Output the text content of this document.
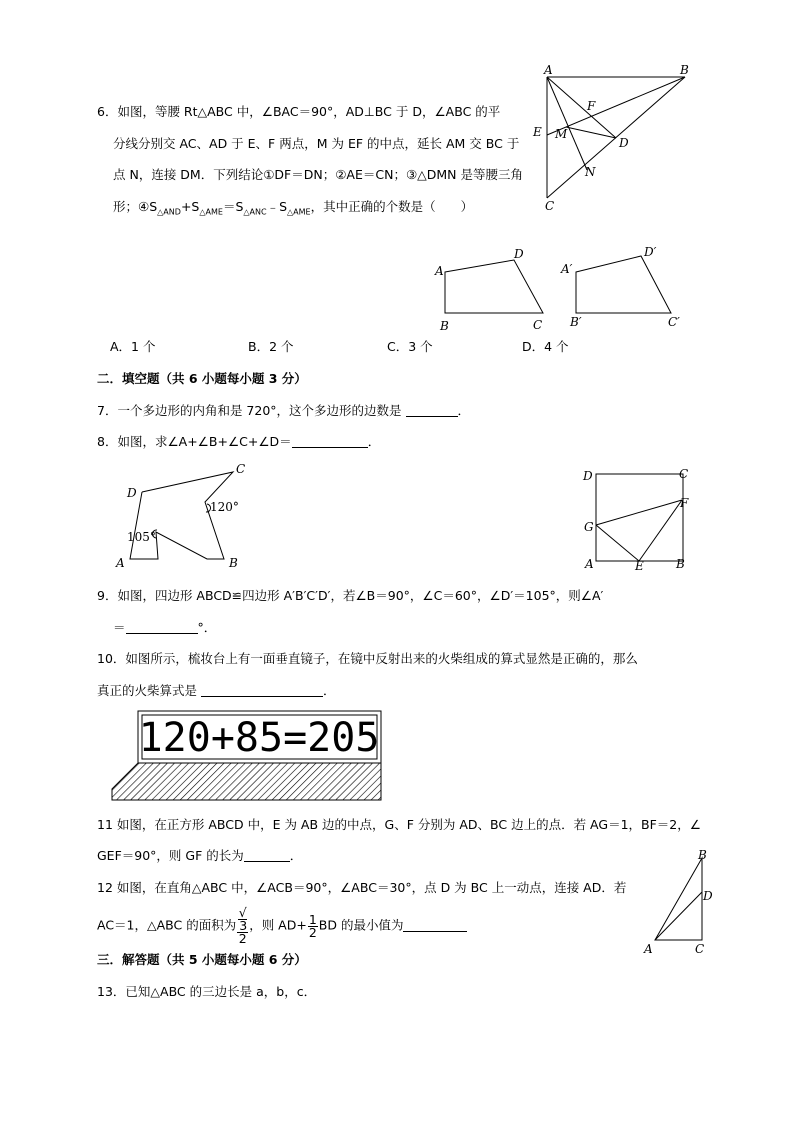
6．如图，等腰 Rt△ABC 中，∠BAC＝90°，AD⊥BC 于 D，∠ABC 的平
分线分别交 AC、AD 于 E、F 两点，M 为 EF 的中点，延长 AM 交 BC 于
点 N，连接 DM．下列结论①DF＝DN；②AE＝CN；③△DMN 是等腰三角
形；$④S_{\triangle AND}+S_{\triangle AME}=S_{\triangle ANC}﹣S_{\triangle AME}$，其中正确的个数是（　　）
A	B
E
F
M
D
N
C
A
D
B	C
A′
D′
B′	C′
A．1 个	B．2 个	C．3 个	D．4 个
二．填空题（共 6 小题每小题 3 分）
7．一个多边形的内角和是 720°，这个多边形的边数是	．
8．如图，求∠A+∠B+∠C+∠D＝	．
C
D
A	B
120°
105°
D	C
F
G
A	E	B
9．如图，四边形 ABCD≌四边形 A′B′C′D′，若∠B＝90°，∠C＝60°，∠D′＝105°，则∠A′
＝	°．
10．如图所示，梳妆台上有一面垂直镜子，在镜中反射出来的火柴组成的算式显然是正确的，那么
真正的火柴算式是	．
120+85=205
11 如图，在正方形 ABCD 中，E 为 AB 边的中点，G、F 分别为 AD、BC 边上的点．若 AG＝1，BF＝2，∠
GEF＝90°，则 GF 的长为	．
12 如图，在直角△ABC 中，∠ACB＝90°，∠ABC＝30°，点 D 为 BC 上一动点，连接 AD．若
AC＝1，△ABC 的面积为 √
3
2 ，则 $AD+ \frac{1}{2}$ BD 的最小值为
B
D
A	C
三．解答题（共 5 小题每小题 6 分）
13．已知△ABC 的三边长是 a，b，c．
